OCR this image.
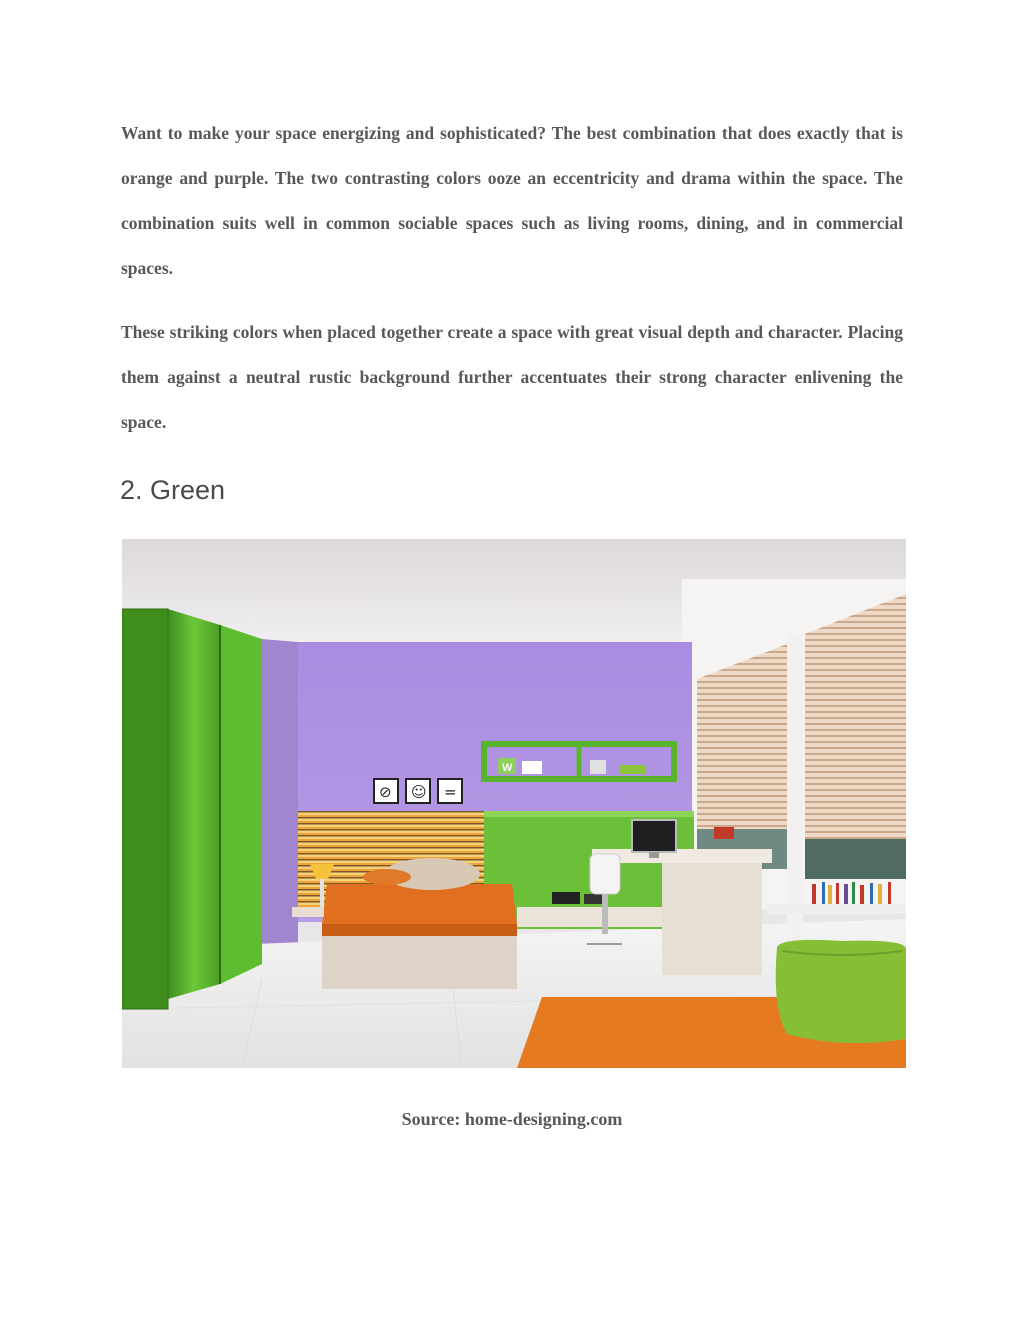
Want to make your space energizing and sophisticated? The best combination that does exactly that is orange and purple. The two contrasting colors ooze an eccentricity and drama within the space. The combination suits well in common sociable spaces such as living rooms, dining, and in commercial spaces.

These striking colors when placed together create a space with great visual depth and character. Placing them against a neutral rustic background further accentuates their strong character enlivening the space.

2. Green
W
⊘ ☺ =

Source: home-designing.com
